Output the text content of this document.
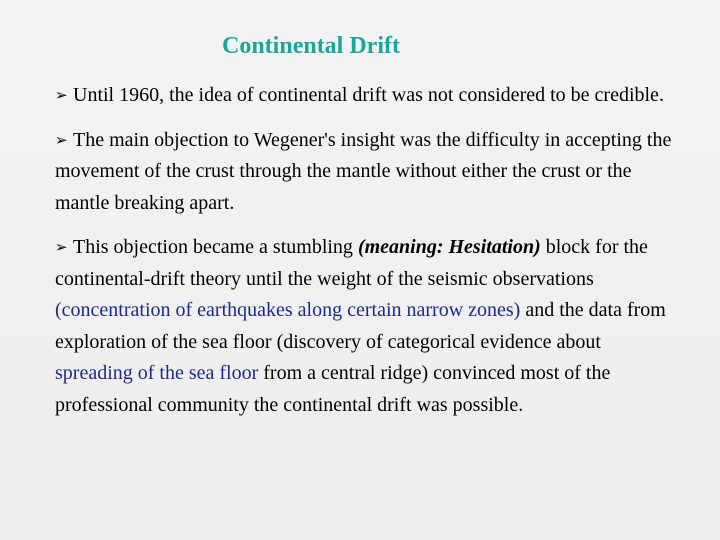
Continental Drift
➢ Until 1960, the idea of continental drift was not considered to be credible.
➢ The main objection to Wegener's insight was the difficulty in accepting the movement of the crust through the mantle without either the crust or the mantle breaking apart.
➢ This objection became a stumbling (meaning: Hesitation) block for the continental-drift theory until the weight of the seismic observations (concentration of earthquakes along certain narrow zones) and the data from exploration of the sea floor (discovery of categorical evidence about spreading of the sea floor from a central ridge) convinced most of the professional community the continental drift was possible.
